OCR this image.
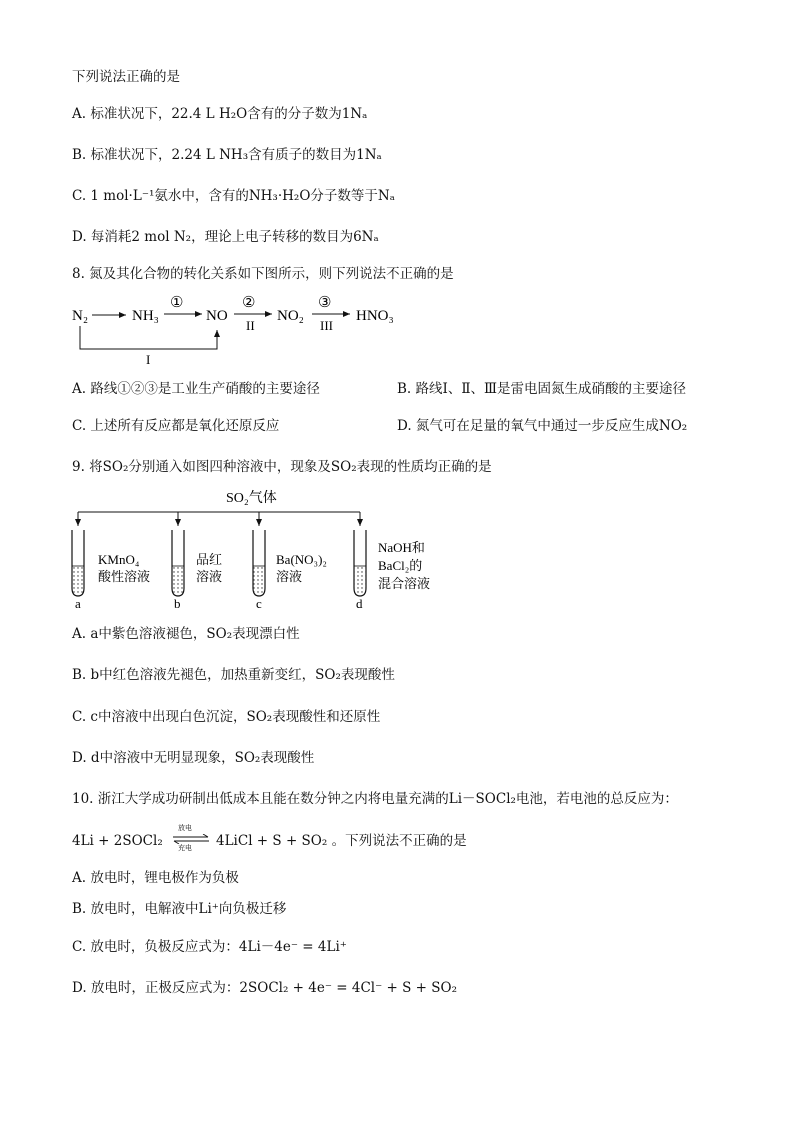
下列说法正确的是
A. 标准状况下，22.4 L H₂O含有的分子数为1Nₐ
B. 标准状况下，2.24 L NH₃含有质子的数目为1Nₐ
C. 1 mol·L⁻¹氨水中，含有的NH₃·H₂O分子数等于Nₐ
D. 每消耗2 mol N₂，理论上电子转移的数目为6Nₐ
8. 氮及其化合物的转化关系如下图所示，则下列说法不正确的是
N₂	NH₃
①
NO
②
II
NO₂
③
III
HNO₃
I
A. 路线①②③是工业生产硝酸的主要途径	B. 路线Ⅰ、Ⅱ、Ⅲ是雷电固氮生成硝酸的主要途径
C. 上述所有反应都是氧化还原反应	D. 氮气可在足量的氧气中通过一步反应生成NO₂
9. 将SO₂分别通入如图四种溶液中，现象及SO₂表现的性质均正确的是
SO₂气体
KMnO₄
酸性溶液
a
品红
溶液
b
Ba(NO₃)₂
溶液
c
NaOH和
BaCl₂的
混合溶液
d
A. a中紫色溶液褪色，SO₂表现漂白性
B. b中红色溶液先褪色，加热重新变红，SO₂表现酸性
C. c中溶液中出现白色沉淀，SO₂表现酸性和还原性
D. d中溶液中无明显现象，SO₂表现酸性
10. 浙江大学成功研制出低成本且能在数分钟之内将电量充满的Li－SOCl₂电池，若电池的总反应为：
4Li + 2SOCl₂
放电
充电 4LiCl + S + SO₂ 。下列说法不正确的是
A. 放电时，锂电极作为负极
B. 放电时，电解液中Li⁺向负极迁移
C. 放电时，负极反应式为：4Li－4e⁻ = 4Li⁺
D. 放电时，正极反应式为：2SOCl₂ + 4e⁻ = 4Cl⁻ + S + SO₂
